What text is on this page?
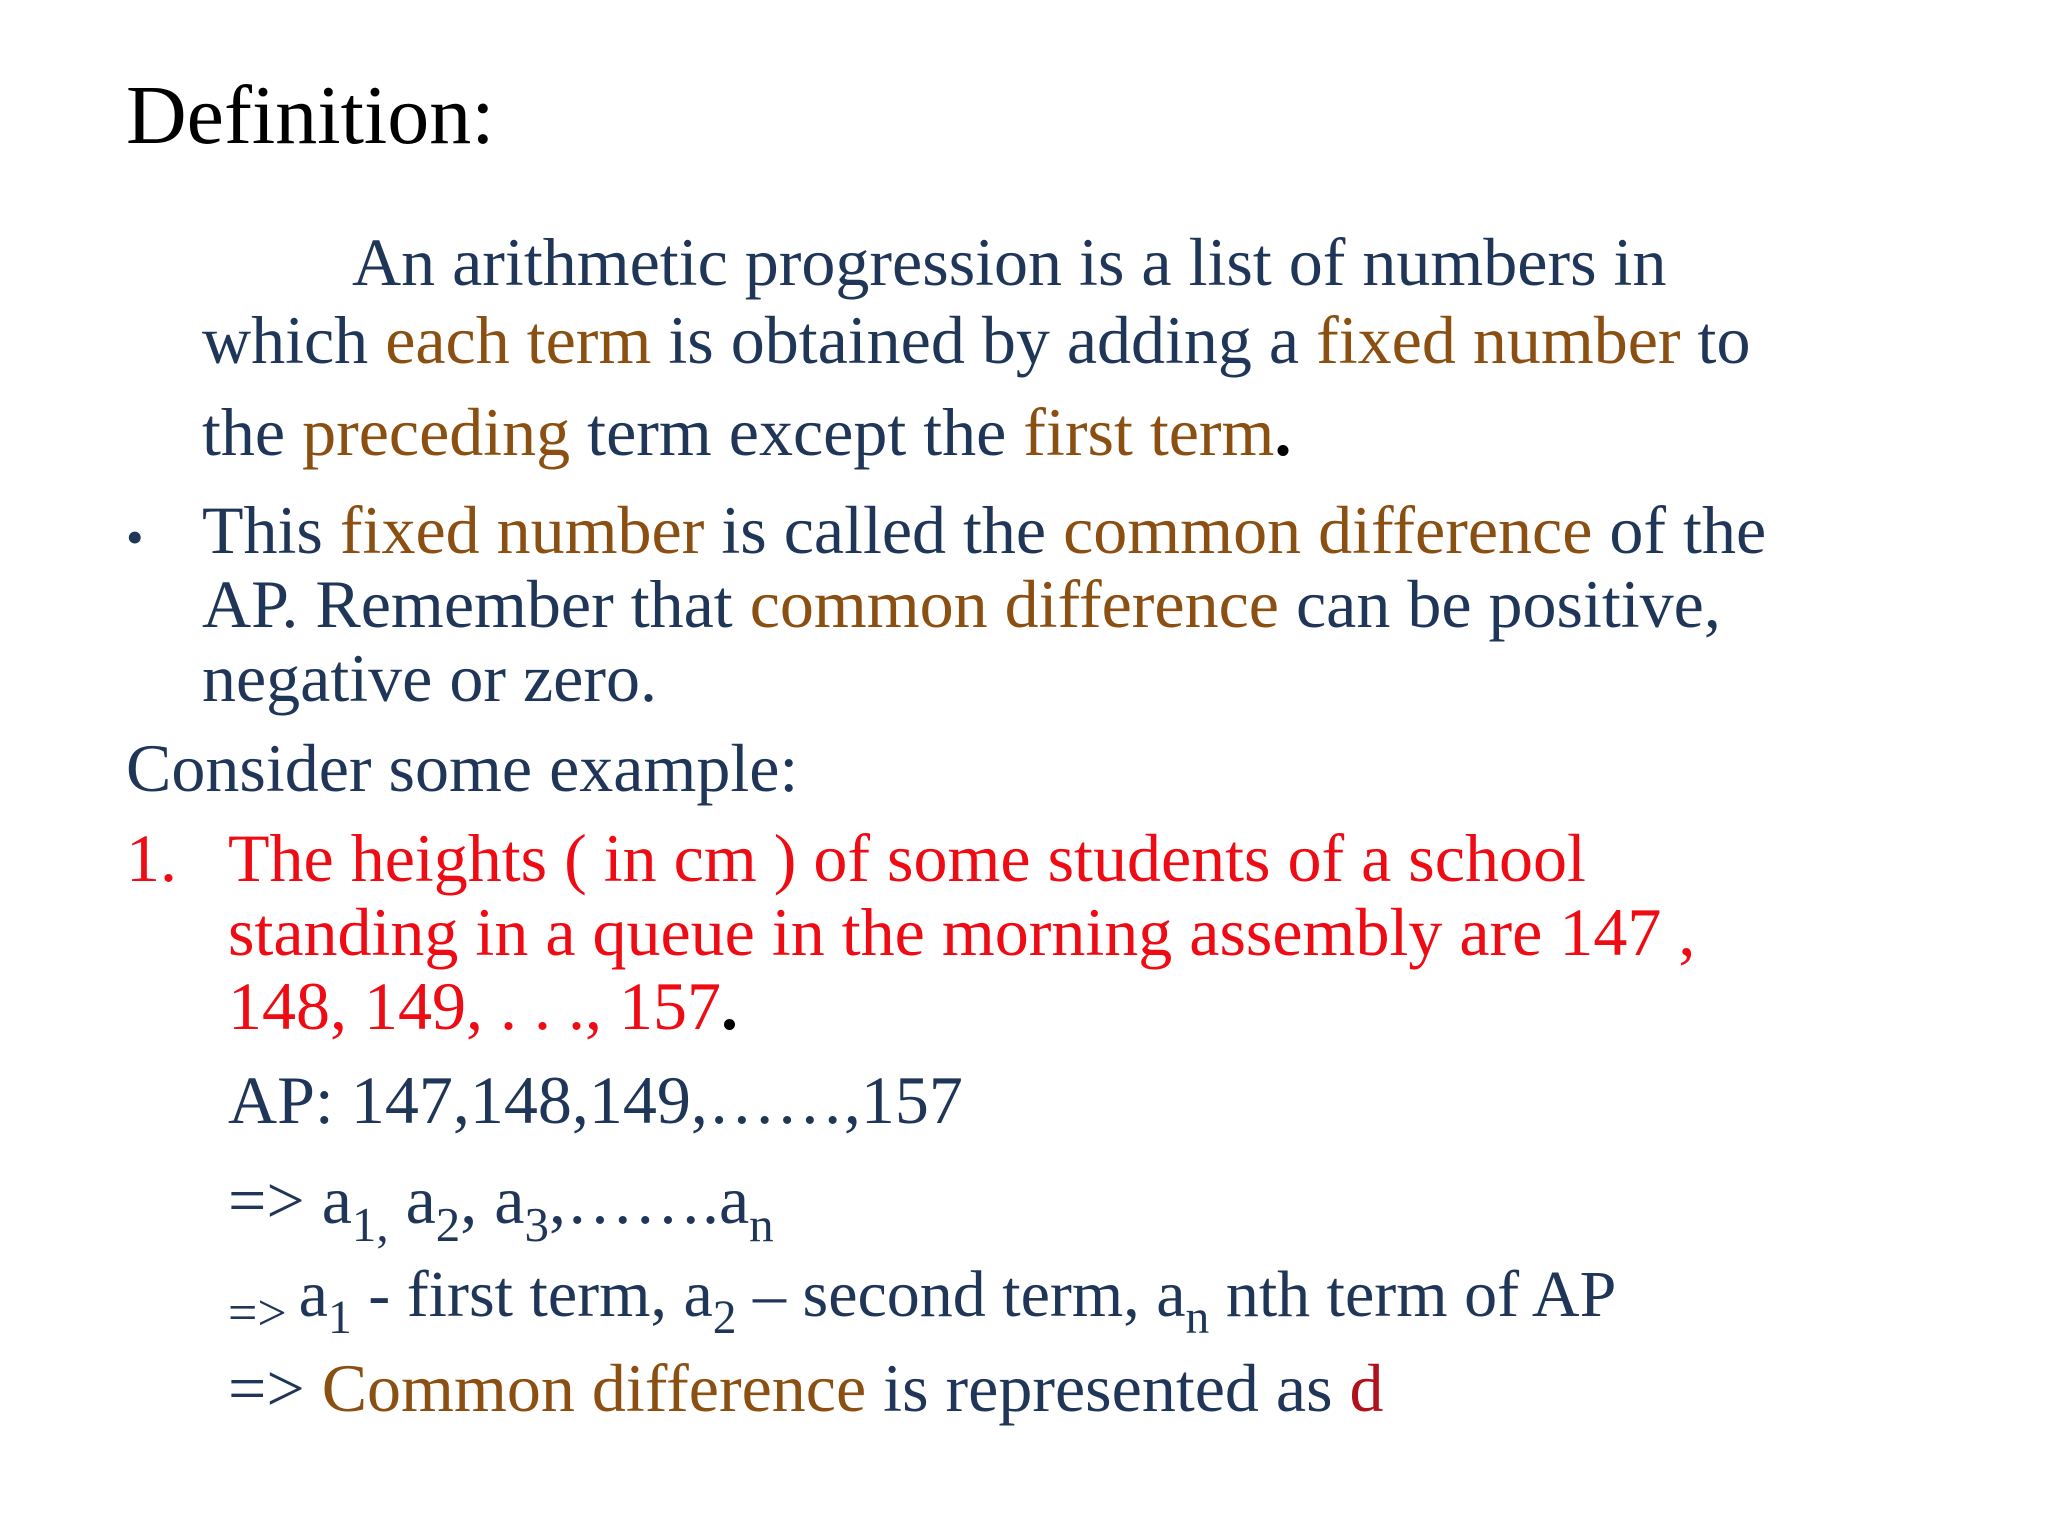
Definition:
An arithmetic progression is a list of numbers in
which each term is obtained by adding a fixed number to
the preceding term except the first term.
• This fixed number is called the common difference of the
AP. Remember that common difference can be positive,
negative or zero.
Consider some example:
1. The heights ( in cm ) of some students of a school
standing in a queue in the morning assembly are 147 ,
148, 149, . . ., 157.
AP: 147,148,149,……,157
=> $a_{1,}$ $a_2$, $a_3,\dots\dots.a_n$
$_{=>}$ $a_1$ - first term, $a_2$ – second term, $a_n$ nth term of AP
=> Common difference is represented as d
